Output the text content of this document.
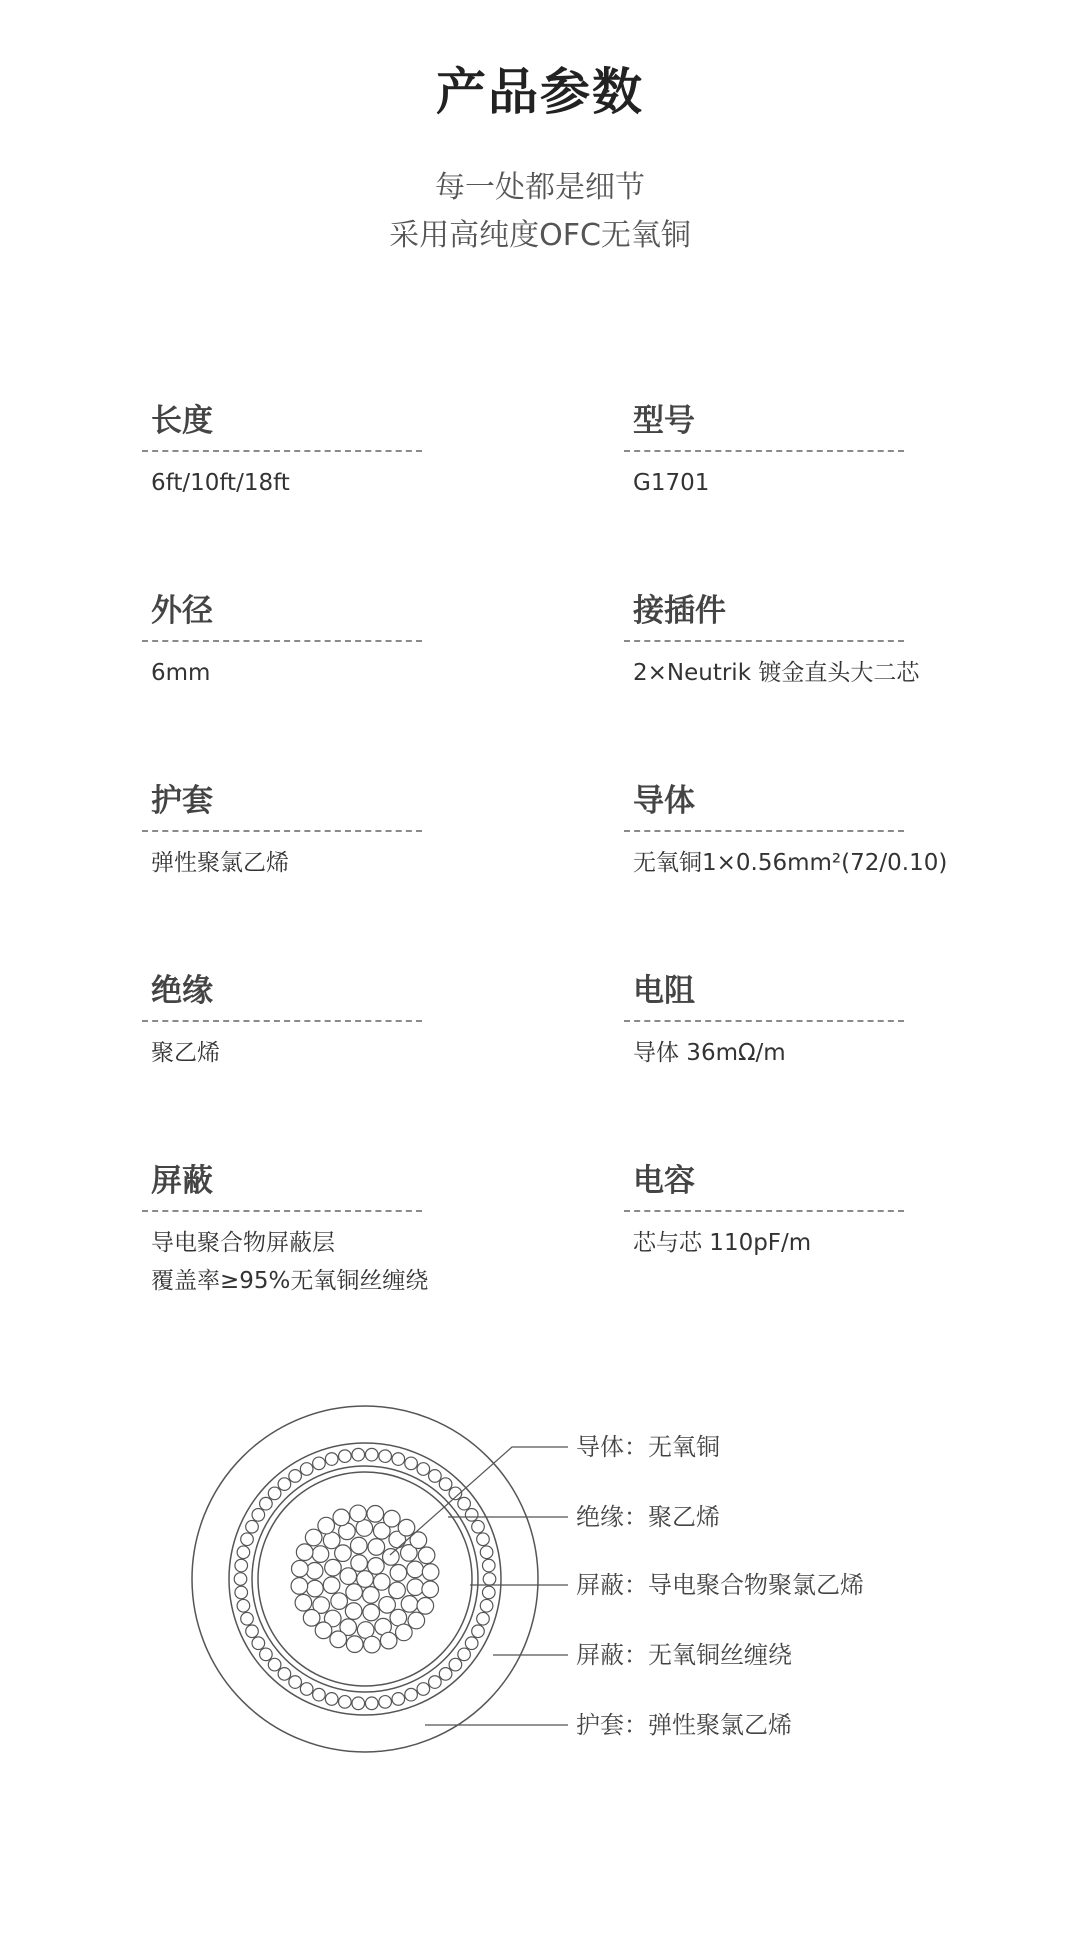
产品参数

每一处都是细节

采用高纯度OFC无氧铜

长度
6ft/10ft/18ft
型号
G1701
外径
6mm
接插件
2×Neutrik 镀金直头大二芯
护套
弹性聚氯乙烯
导体
无氧铜1×0.56mm²(72/0.10)
绝缘
聚乙烯
电阻
导体 36mΩ/m
屏蔽
导电聚合物屏蔽层
覆盖率≥95%无氧铜丝缠绕
电容
芯与芯 110pF/m
导体：无氧铜
绝缘：聚乙烯
屏蔽：导电聚合物聚氯乙烯
屏蔽：无氧铜丝缠绕
护套：弹性聚氯乙烯
